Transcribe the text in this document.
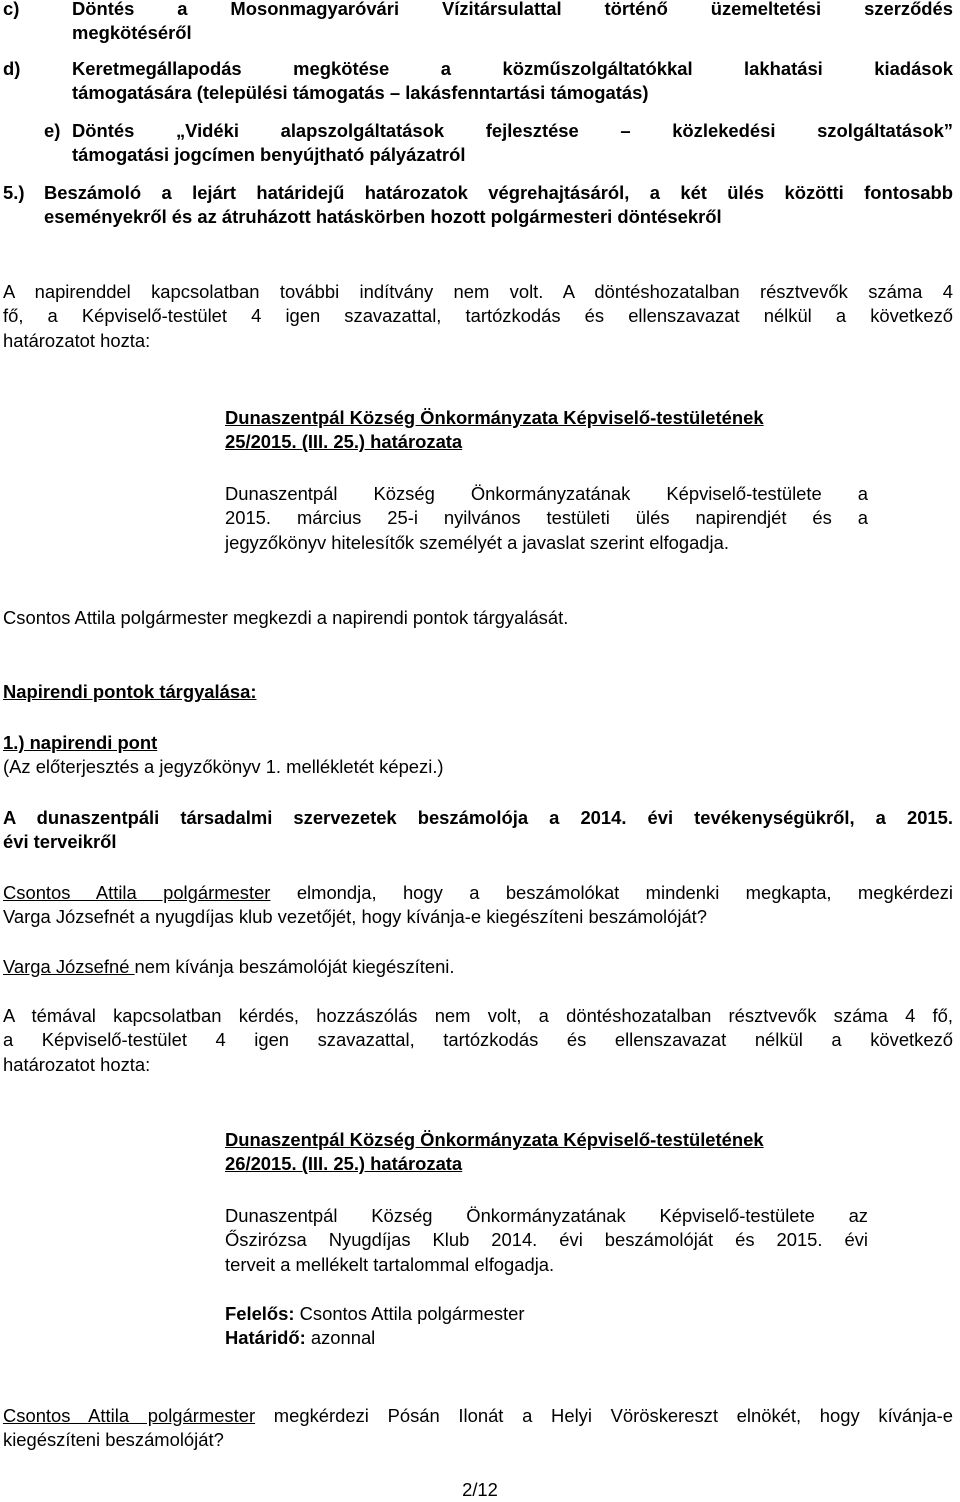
c)	Döntés a Mosonmagyaróvári Vízitársulattal történő üzemeltetési szerződés
megkötéséről
d)	Keretmegállapodás megkötése a közműszolgáltatókkal lakhatási kiadások
támogatására (települési támogatás – lakásfenntartási támogatás)
e) Döntés „Vidéki alapszolgáltatások fejlesztése – közlekedési szolgáltatások”
támogatási jogcímen benyújtható pályázatról
5.) Beszámoló a lejárt határidejű határozatok végrehajtásáról, a két ülés közötti fontosabb
eseményekről és az átruházott hatáskörben hozott polgármesteri döntésekről
A napirenddel kapcsolatban további indítvány nem volt. A döntéshozatalban résztvevők száma 4
fő, a Képviselő-testület 4 igen szavazattal, tartózkodás és ellenszavazat nélkül a következő
határozatot hozta:
Dunaszentpál Község Önkormányzata Képviselő-testületének
25/2015. (III. 25.) határozata
Dunaszentpál Község Önkormányzatának Képviselő-testülete a
2015. március 25-i nyilvános testületi ülés napirendjét és a
jegyzőkönyv hitelesítők személyét a javaslat szerint elfogadja.

Csontos Attila polgármester megkezdi a napirendi pontok tárgyalását.

Napirendi pontok tárgyalása:

1.) napirendi pont
(Az előterjesztés a jegyzőkönyv 1. mellékletét képezi.)
A dunaszentpáli társadalmi szervezetek beszámolója a 2014. évi tevékenységükről, a 2015.
évi terveikről
Csontos Attila polgármester elmondja, hogy a beszámolókat mindenki megkapta, megkérdezi
Varga Józsefnét a nyugdíjas klub vezetőjét, hogy kívánja-e kiegészíteni beszámolóját?

Varga Józsefné nem kívánja beszámolóját kiegészíteni.

A témával kapcsolatban kérdés, hozzászólás nem volt, a döntéshozatalban résztvevők száma 4 fő,
a Képviselő-testület 4 igen szavazattal, tartózkodás és ellenszavazat nélkül a következő
határozatot hozta:
Dunaszentpál Község Önkormányzata Képviselő-testületének
26/2015. (III. 25.) határozata
Dunaszentpál Község Önkormányzatának Képviselő-testülete az
Őszirózsa Nyugdíjas Klub 2014. évi beszámolóját és 2015. évi
terveit a mellékelt tartalommal elfogadja.
Felelős: Csontos Attila polgármester
Határidő: azonnal
Csontos Attila polgármester megkérdezi Pósán Ilonát a Helyi Vöröskereszt elnökét, hogy kívánja-e
kiegészíteni beszámolóját?
2/12
